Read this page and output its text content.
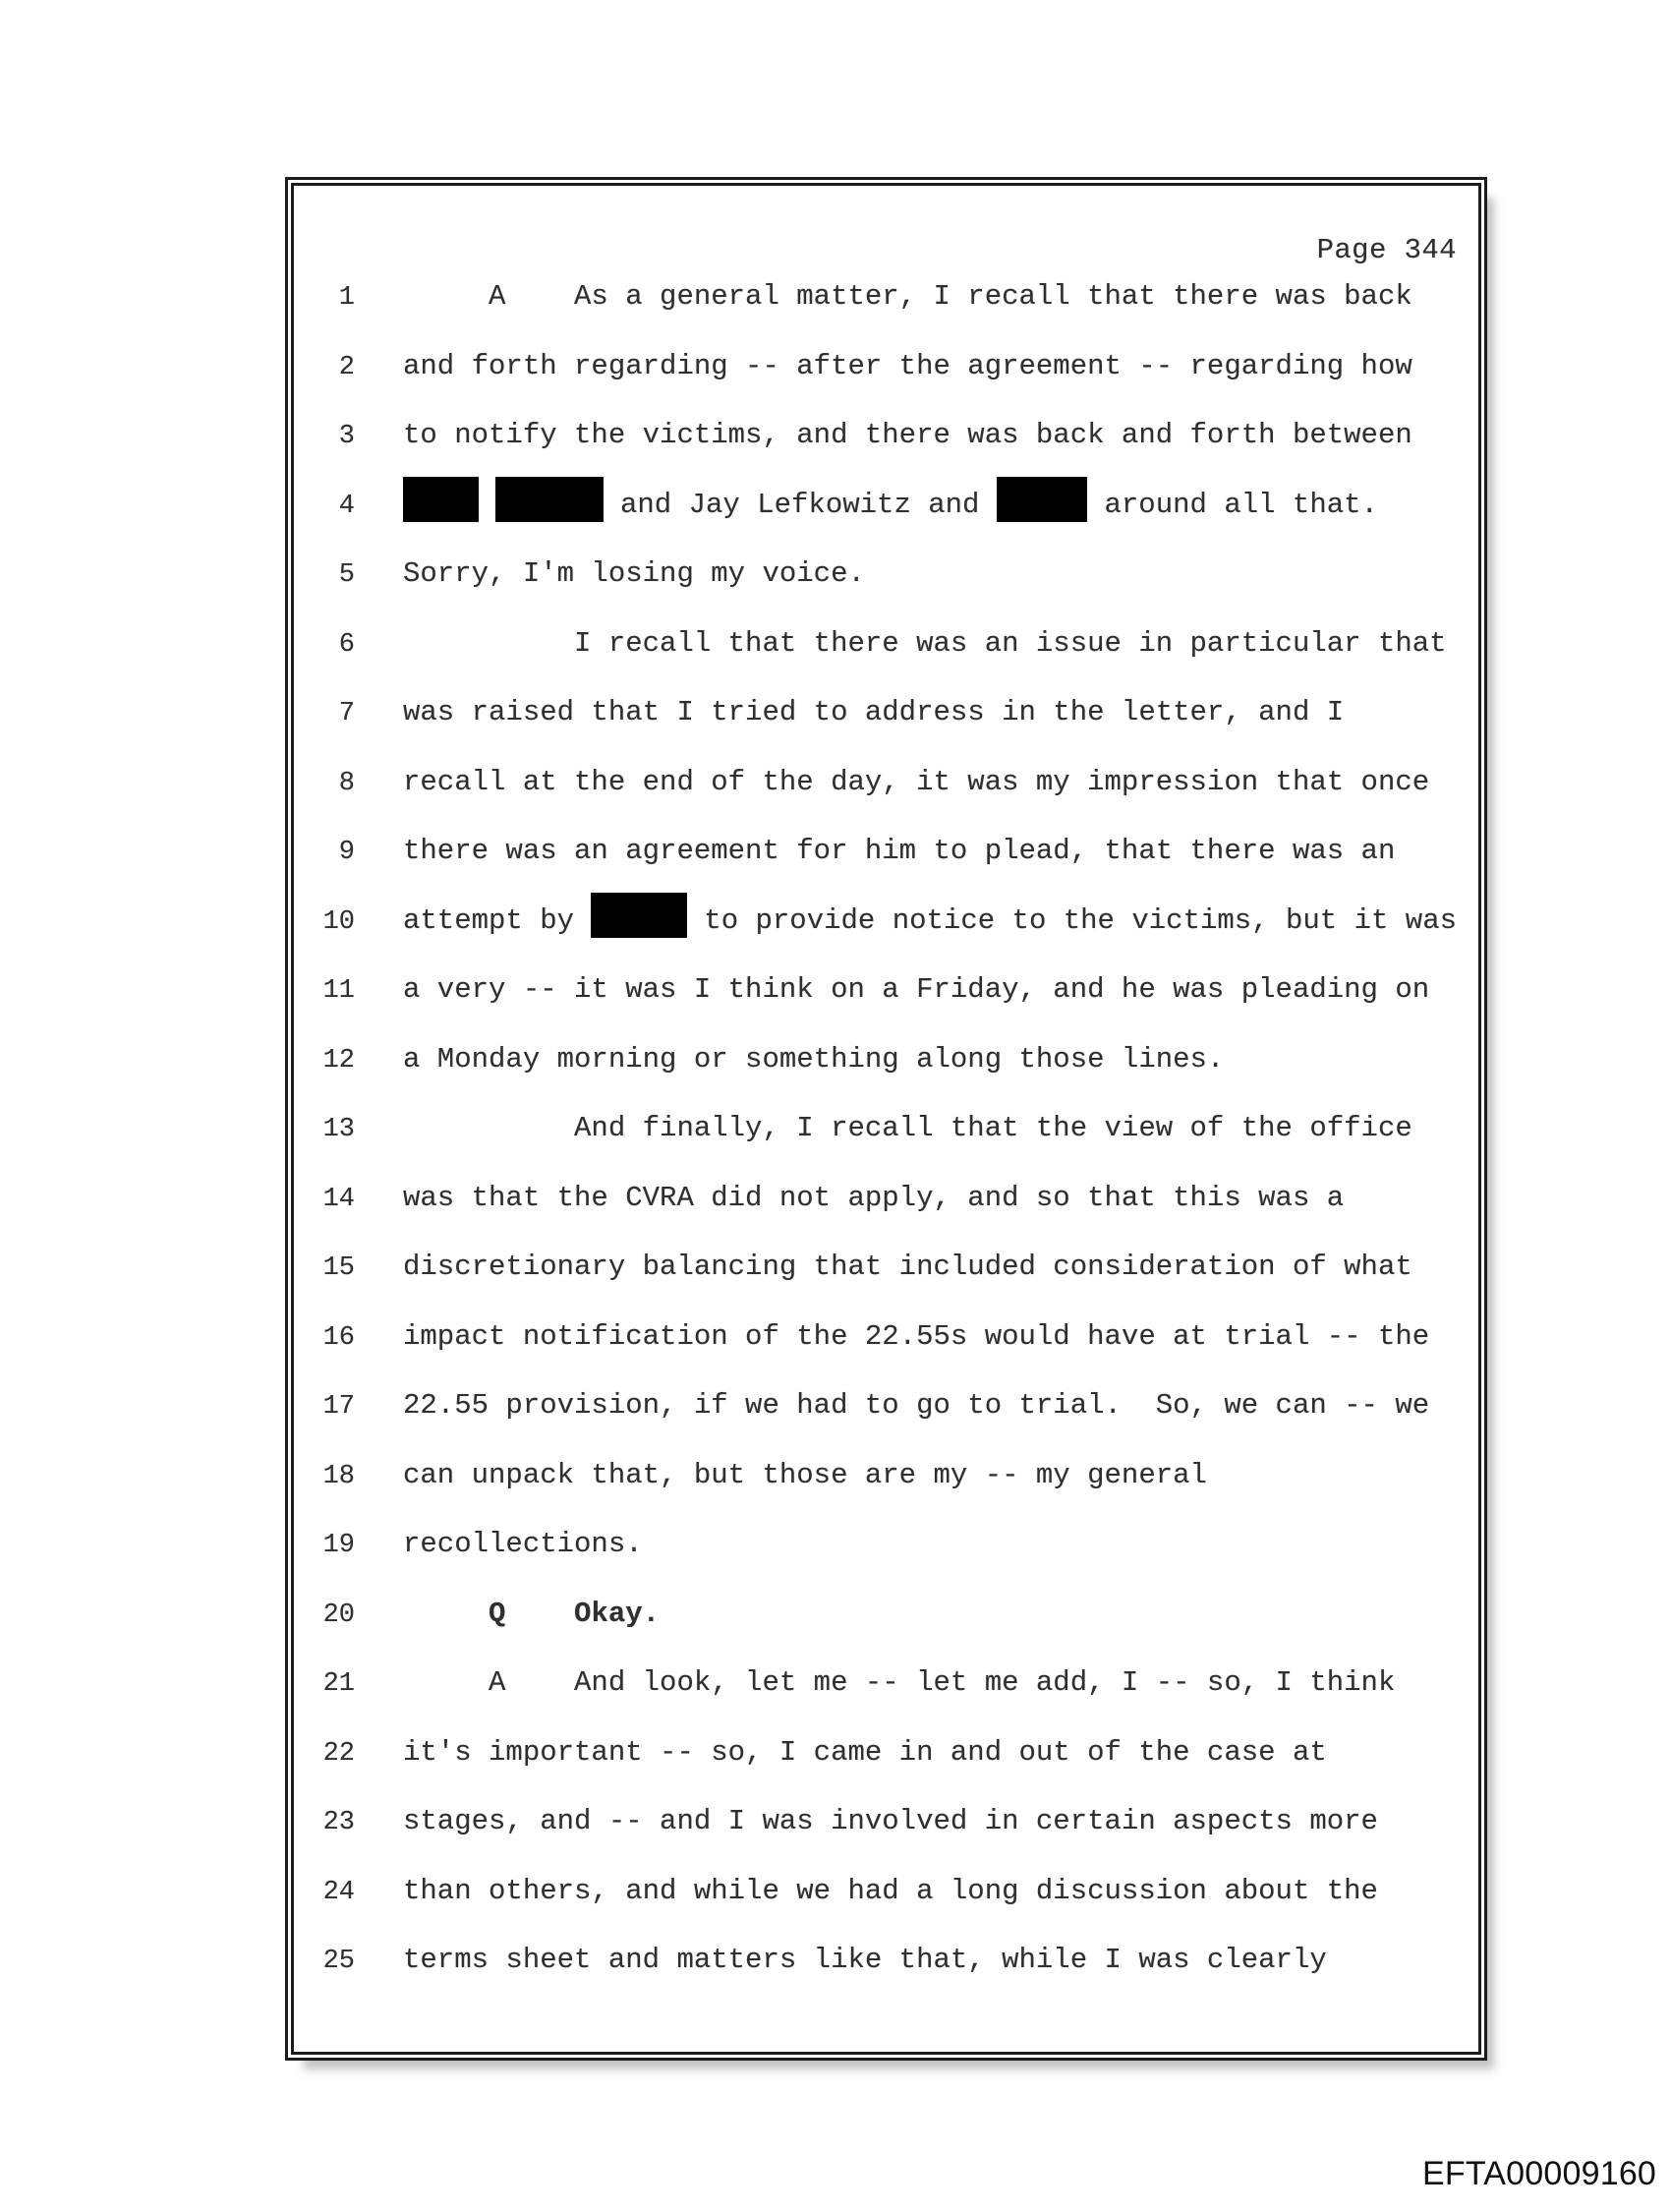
Page 344
1 A    As a general matter, I recall that there was back
2 and forth regarding -- after the agreement -- regarding how
3 to notify the victims, and there was back and forth between
4	and Jay Lefkowitz and	around all that.
5 Sorry, I'm losing my voice.
6 I recall that there was an issue in particular that
7 was raised that I tried to address in the letter, and I
8 recall at the end of the day, it was my impression that once
9 there was an agreement for him to plead, that there was an
10 attempt by	to provide notice to the victims, but it was
11 a very -- it was I think on a Friday, and he was pleading on
12 a Monday morning or something along those lines.
13 And finally, I recall that the view of the office
14 was that the CVRA did not apply, and so that this was a
15 discretionary balancing that included consideration of what
16 impact notification of the 22.55s would have at trial -- the
17 22.55 provision, if we had to go to trial.  So, we can -- we
18 can unpack that, but those are my -- my general
19 recollections.
20	Q Okay.
21 A    And look, let me -- let me add, I -- so, I think
22 it's important -- so, I came in and out of the case at
23 stages, and -- and I was involved in certain aspects more
24 than others, and while we had a long discussion about the
25 terms sheet and matters like that, while I was clearly
EFTA00009160
